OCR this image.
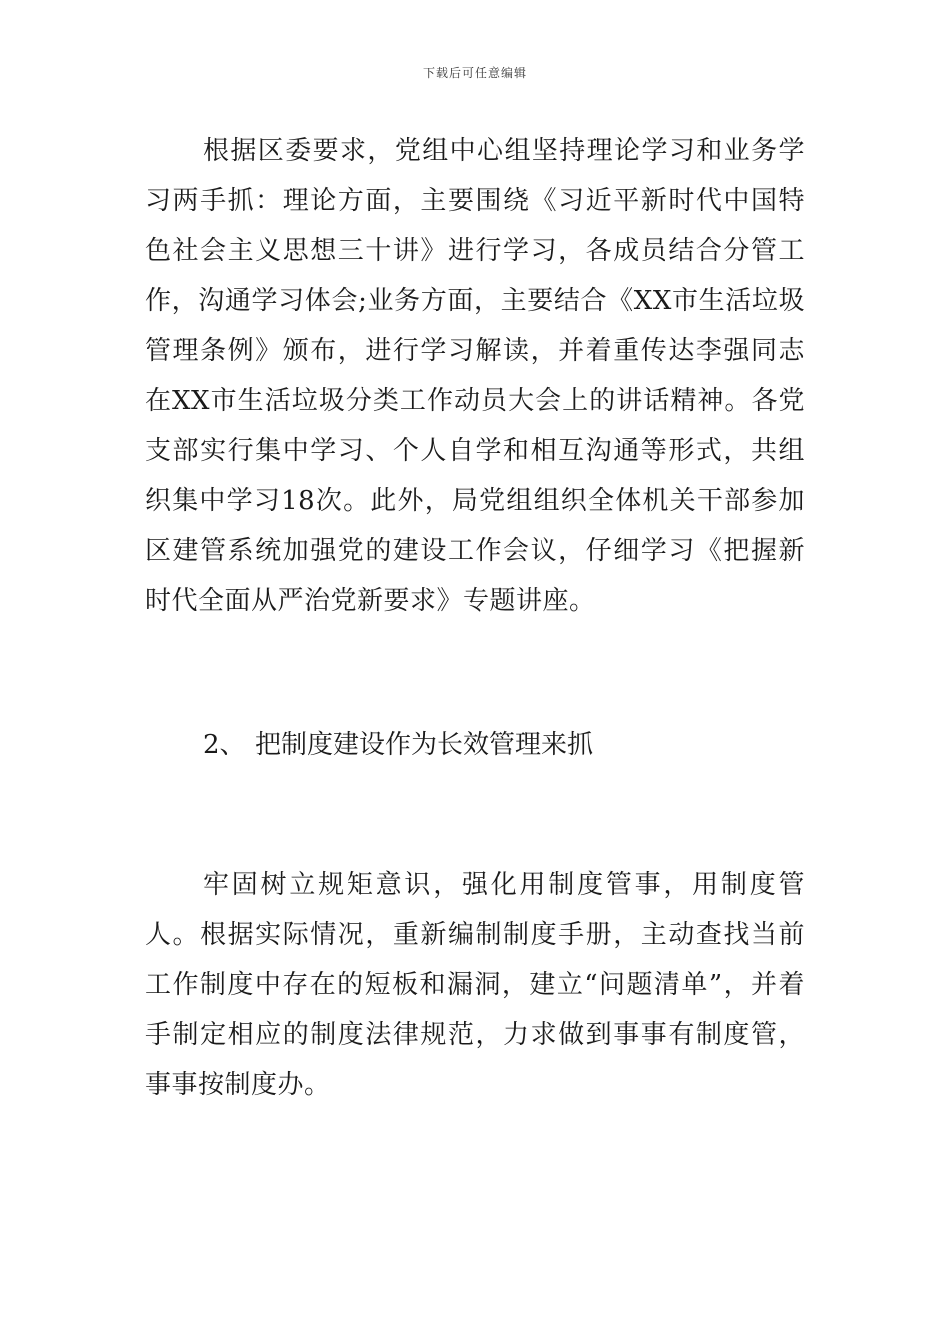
下载后可任意编辑

根据区委要求，党组中心组坚持理论学习和业务学习两手抓：理论方面，主要围绕《习近平新时代中国特色社会主义思想三十讲》进行学习，各成员结合分管工作，沟通学习体会;业务方面，主要结合《XX市生活垃圾管理条例》颁布，进行学习解读，并着重传达李强同志在XX市生活垃圾分类工作动员大会上的讲话精神。各党支部实行集中学习、个人自学和相互沟通等形式，共组织集中学习18次。此外，局党组组织全体机关干部参加区建管系统加强党的建设工作会议，仔细学习《把握新时代全面从严治党新要求》专题讲座。

2、 把制度建设作为长效管理来抓

牢固树立规矩意识，强化用制度管事，用制度管人。根据实际情况，重新编制制度手册，主动查找当前工作制度中存在的短板和漏洞，建立“问题清单”，并着手制定相应的制度法律规范，力求做到事事有制度管，事事按制度办。
